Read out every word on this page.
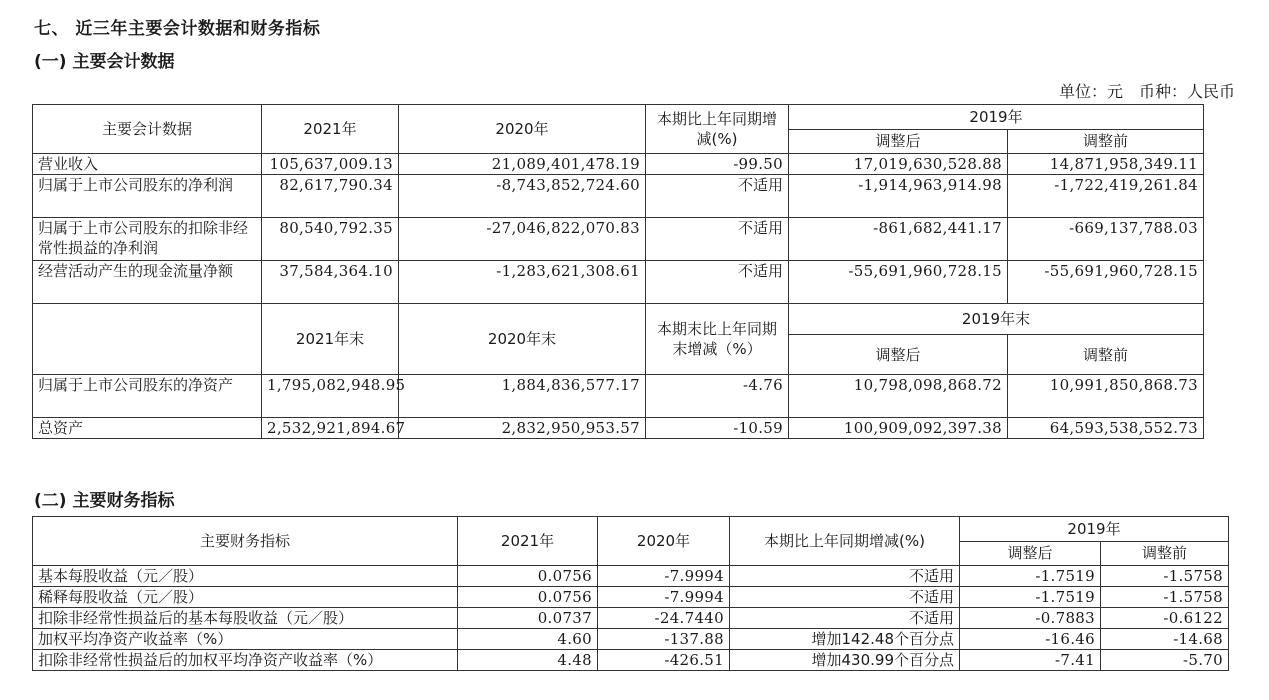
七、 近三年主要会计数据和财务指标
(一) 主要会计数据
单位：元 币种：人民币
主要会计数据	2021年	2020年	本期比上年同期增减(%)	2019年	
				调整后	调整前
营业收入	105,637,009.13	21,089,401,478.19	-99.50	17,019,630,528.88	14,871,958,349.11
归属于上市公司股东的净利润	82,617,790.34	-8,743,852,724.60	不适用	-1,914,963,914.98	-1,722,419,261.84
归属于上市公司股东的扣除非经常性损益的净利润	80,540,792.35	-27,046,822,070.83	不适用	-861,682,441.17	-669,137,788.03
经营活动产生的现金流量净额	37,584,364.10	-1,283,621,308.61	不适用	-55,691,960,728.15	-55,691,960,728.15
	2021年末	2020年末	本期末比上年同期末增减（%）	2019年末	
				调整后	调整前
归属于上市公司股东的净资产	1,795,082,948.95	1,884,836,577.17	-4.76	10,798,098,868.72	10,991,850,868.73
总资产	2,532,921,894.67	2,832,950,953.57	-10.59	100,909,092,397.38	64,593,538,552.73
(二) 主要财务指标
主要财务指标	2021年	2020年	本期比上年同期增减(%)	2019年	
				调整后	调整前
基本每股收益（元／股）	0.0756	-7.9994	不适用	-1.7519	-1.5758
稀释每股收益（元／股）	0.0756	-7.9994	不适用	-1.7519	-1.5758
扣除非经常性损益后的基本每股收益（元／股）	0.0737	-24.7440	不适用	-0.7883	-0.6122
加权平均净资产收益率（%）	4.60	-137.88	增加142.48个百分点	-16.46	-14.68
扣除非经常性损益后的加权平均净资产收益率（%）	4.48	-426.51	增加430.99个百分点	-7.41	-5.70
